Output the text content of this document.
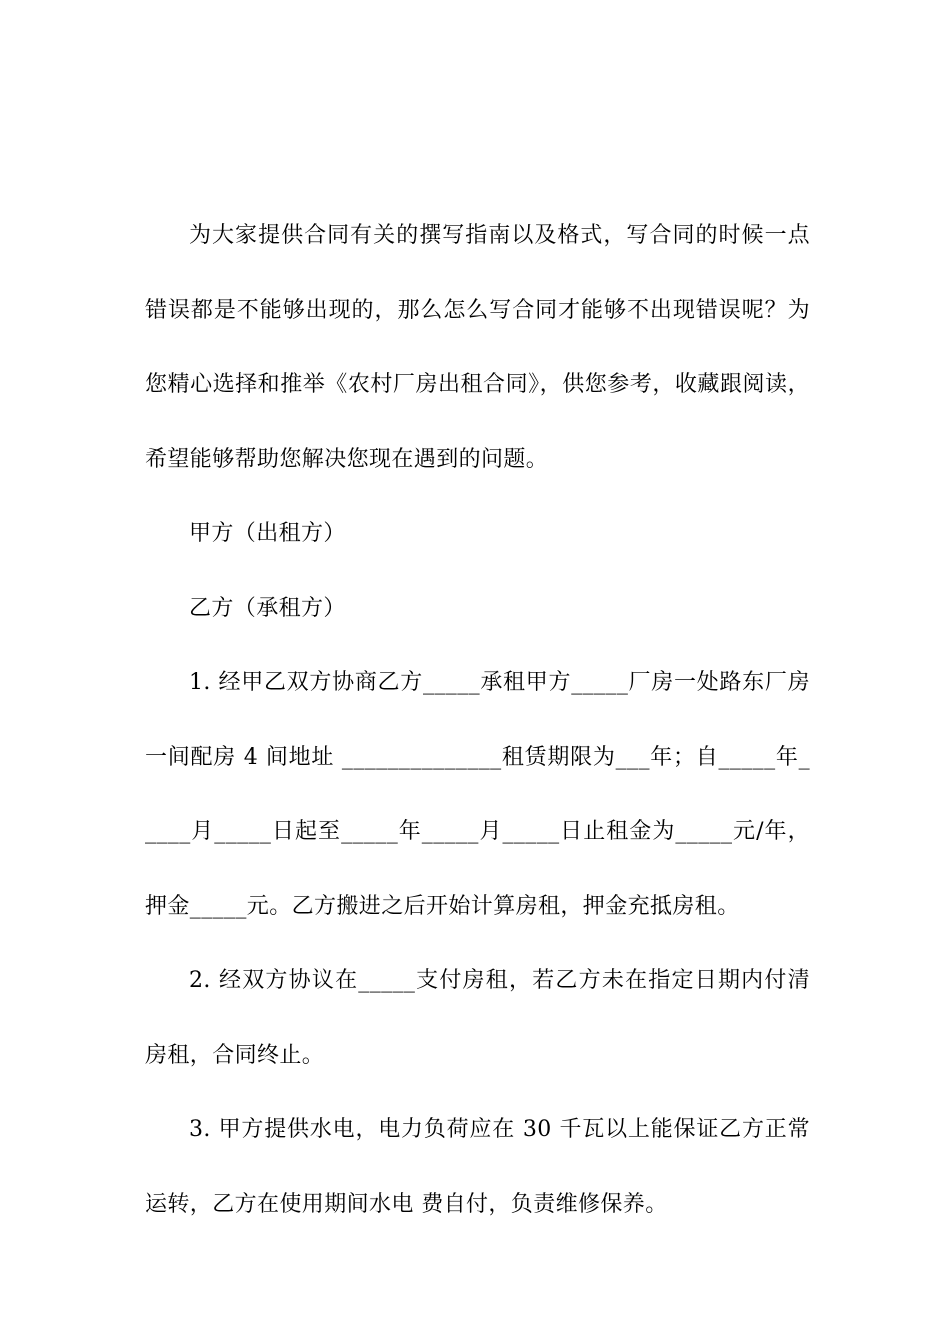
为大家提供合同有关的撰写指南以及格式，写合同的时候一点错误都是不能够出现的，那么怎么写合同才能够不出现错误呢？为您精心选择和推举《农村厂房出租合同》，供您参考，收藏跟阅读，希望能够帮助您解决您现在遇到的问题。

甲方（出租方）

乙方（承租方）

1. 经甲乙双方协商乙方_____承租甲方_____厂房一处路东厂房一间配房 4 间地址 ______________租赁期限为___年；自_____年_____月_____日起至_____年_____月_____日止租金为_____元/年，押金_____元。乙方搬进之后开始计算房租，押金充抵房租。

2. 经双方协议在_____支付房租，若乙方未在指定日期内付清房租，合同终止。

3. 甲方提供水电，电力负荷应在 30 千瓦以上能保证乙方正常运转，乙方在使用期间水电 费自付，负责维修保养。
